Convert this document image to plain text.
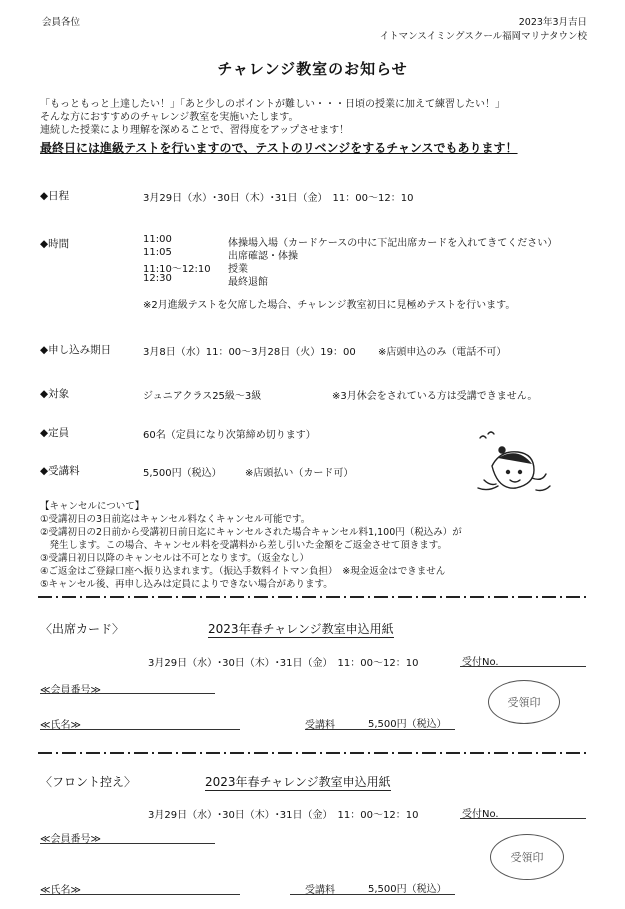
会員各位	2023年3月吉日
イトマンスイミングスクール福岡マリナタウン校
チャレンジ教室のお知らせ
「もっともっと上達したい！」「あと少しのポイントが難しい・・・日頃の授業に加えて練習したい！」
そんな方におすすめのチャレンジ教室を実施いたします。
連続した授業により理解を深めることで、習得度をアップさせます！
最終日には進級テストを行いますので、テストのリベンジをするチャンスでもあります！
◆日程	3月29日（水）･30日（木）･31日（金）　11：00～12：10
◆時間	11:00	体操場入場（カードケースの中に下記出席カードを入れてきてください）
11:05	出席確認・体操
11:10～12:10 授業
12:30	最終退館
※2月進級テストを欠席した場合、チャレンジ教室初日に見極めテストを行います。
◆申し込み期日	3月8日（水）11：00～3月28日（火）19：00 ※店頭申込のみ（電話不可）
◆対象	ジュニアクラス25級～3級	※3月休会をされている方は受講できません。
◆定員	60名（定員になり次第締め切ります）
◆受講料	5,500円（税込） ※店頭払い（カード可）
【キャンセルについて】
①受講初日の3日前迄はキャンセル料なくキャンセル可能です。
②受講初日の2日前から受講初日前日迄にキャンセルされた場合キャンセル料1,100円（税込み）が
　発生します。この場合、キャンセル料を受講料から差し引いた金額をご返金させて頂きます。
③受講日初日以降のキャンセルは不可となります。（返金なし）
④ご返金はご登録口座へ振り込まれます。（振込手数料イトマン負担）　※現金返金はできません
⑤キャンセル後、再申し込みは定員によりできない場合があります。
〈出席カード〉	2023年春チャレンジ教室申込用紙
3月29日（水）･30日（木）･31日（金）　11：00～12：10	受付No.
≪会員番号≫
≪氏名≫	受講料	5,500円（税込）
受領印
〈フロント控え〉	2023年春チャレンジ教室申込用紙
3月29日（水）･30日（木）･31日（金）　11：00～12：10	受付No.
≪会員番号≫
≪氏名≫	受講料	5,500円（税込）
受領印
